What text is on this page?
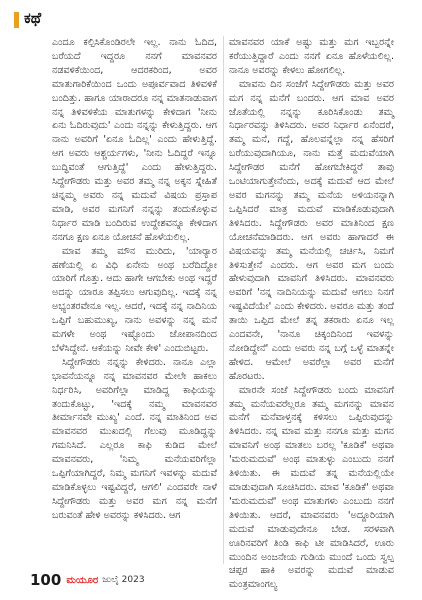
ಕಥೆ

ಎಂದೂ ಕಲ್ಪಿಸಿಕೊಂಡಿರಲೇ ಇಲ್ಲ. ನಾನು ಓದಿದ, ಬರೆಯದೆ ಇದ್ದರೂ ನನಗೆ ಮಾವನವರ ನಡವಳಿಕೆಯಿಂದ, ಆದರಕರಿಂದ, ಅವರ ಮಾತುಗಾರಿಕೆಯಿಂದ ಒಂದು ಅಪೂರ್ವವಾದ ತಿಳಿವಳಿಕೆ ಬಂದಿತ್ತು. ಹಾಗೂ ಯಾರಾದರೂ ನನ್ನ ಮಾತನಾಡುವಾಗ ನನ್ನ ತಿಳಿವಳಿಕೆಯ ಮಾತುಗಳನ್ನು ಕೇಳಿದಾಗ 'ನೀನು ಏನು ಓದಿರುವುದು' ಎಂದು ನನ್ನನ್ನು ಕೇಳುತ್ತಿದ್ದರು. ಆಗ ನಾನು ಅವರಿಗೆ 'ಏನೂ ಓದಿಲ್ಲ' ಎಂದು ಹೇಳುತ್ತಿದ್ದೆ. ಆಗ ಅವರು ಆಶ್ಚರ್ಯಗಳು, 'ನೀನು ಓದಿದ್ದರೆ ಇನ್ನೂ ಬುದ್ಧಿವಂತೆ ಆಗುತ್ತಿದ್ದೆ' ಎಂದು ಹೇಳುತ್ತಿದ್ದರು. ಸಿದ್ದೇಗೌಡರು ಮತ್ತು ಅವರ ತಮ್ಮ ನನ್ನ ಅಕ್ಕನ ಸ್ನೇಹಿತೆ ಚಿನ್ನಮ್ಮ ಅವರು ನನ್ನ ಮದುವೆ ವಿಷಯ ಪ್ರಸ್ತಾಪ ಮಾಡಿ, ಅವರ ಮಗನಿಗೆ ನನ್ನನ್ನು ತಂದುಕೊಳ್ಳುವ ನಿರ್ಧಾರ ಮಾಡಿ ಬಂದಿರುವ ಉದ್ದೇಶವನ್ನೂ ಕೇಳಿದಾಗ ನನಗೂ ಕ್ಷಣ ಏನೂ ಯೋಚನೆ ಹೊಳೆಯಲಿಲ್ಲ.

ಮಾವ ತಮ್ಮ ಮೌನ ಮುರಿದು, 'ಯಾರ್‍ಯಾರ ಹಣೆಯಲ್ಲಿ ಏ ವಿಧಿ ಏನೇನು ಅಂಥ ಬರೆದಿದ್ದೋ ಯಾರಿಗೆ ಗೊತ್ತು. ಆದು ಹಾಗೇ ಆಗಬೇಕು ಅಂಥ ಇದ್ದರೆ ಅದನ್ನು ಯಾರೂ ತಪ್ಪಿಸಲು ಆಗುವುದಿಲ್ಲ. ಇದಕ್ಕೆ ನನ್ನ ಅಭ್ಯಂತರವೇನೂ ಇಲ್ಲ. ಆದರೆ, ಇದಕ್ಕೆ ನನ್ನ ನಾದಿನಿಯ ಒಪ್ಪಿಗೆ ಬಹುಮುಖ್ಯ, ನಾನು ಅವಳನ್ನು ನನ್ನ ಮನೆ ಮಗಳೇ ಅಂಥ ಇಷ್ಟೊಂದು ಜೋಪಾನದಿಂದ ಬೆಳೆಸಿದ್ದೇನೆ. ಆಕೆಯನ್ನು ನೀವೇ ಕೇಳಿ' ಎಂದುಬಿಟ್ಟರು.

ಸಿದ್ದೇಗೌಡರು ನನ್ನನ್ನು ಕೇಳಿದರು. ನಾನೂ ಎಲ್ಲಾ ಭಾವನೆಯನ್ನೂ ನನ್ನ ಮಾವನವರ ಮೇಲೇ ಹಾಕಲು ನಿರ್ಧರಿಸಿ, ಅವರಿಗೆಲ್ಲಾ ಮಾಡಿದ್ದ ಕಾಫಿಯನ್ನು ತಂದುಕೊಟ್ಟು, 'ಇದಕ್ಕೆ ನಮ್ಮ ಮಾವನವರ ತೀರ್ಮಾನವೇ ಮುಖ್ಯ' ಎಂದೆ. ನನ್ನ ಮಾತಿನಿಂದ ಅವ ಮಾವನವರ ಮುಖದಲ್ಲಿ ಗೆಲುವು ಮೂಡಿದ್ದನ್ನು ಗಮನಿಸಿದೆ. ಎಲ್ಲರೂ ಕಾಫಿ ಕುಡಿದ ಮೇಲೆ ಮಾವನವರು, 'ನಿಮ್ಮ ಮನೆಯವರಿಗೆಲ್ಲಾ ಒಪ್ಪಿಗೆಯಾಗಿದ್ದರೆ, ನಿಮ್ಮ ಮಗನಿಗೆ ಇವಳನ್ನು ಮದುವೆ ಮಾಡಿಕೊಳ್ಳಲು ಇಷ್ಟವಿದ್ದರೆ, ಆಗಲಿ' ಎಂದವರೇ ನಾಳೆ ಸಿದ್ದೇಗೌಡರು ಮತ್ತು ಅವರ ಮಗ ನನ್ನ ಮನೆಗೆ ಬರುವಂತೆ ಹೇಳಿ ಅವರನ್ನು ಕಳಿಸಿದರು. ಆಗ

ಮಾವನವರ ಯಾಕೆ ಅಷ್ಟು ಮತ್ತು ಮಗ ಇಬ್ಬರನ್ನೇ ಕರೆಯುತ್ತಿದ್ದಾರೆ ಎಂದು ನನಗೆ ಏನೂ ಹೊಳೆಯಲಿಲ್ಲ. ನಾನೂ ಅವರನ್ನು ಕೇಳಲು ಹೋಗಲಿಲ್ಲ.

ಮಾವನು ದಿನ ಸಂಜೆಗೆ ಸಿದ್ದೇಗೌಡರು ಮತ್ತು ಅವರ ಮಗ ನನ್ನ ಮನೆಗೆ ಬಂದರು. ಆಗ ಮಾವ ಅವರ ಜೊತೆಯಲ್ಲಿ ನನ್ನನ್ನು ಕೂರಿಸಿಕೊಂಡು ತಮ್ಮ ನಿರ್ಧಾರವನ್ನು ತಿಳಿಸಿದರು. ಅವರ ನಿರ್ಧಾರ ಏನೆಂದರೆ, ತಮ್ಮ ಮನೆ, ಗದ್ದೆ, ಹೊಲವನ್ನೆಲ್ಲಾ ನನ್ನ ಹೆಸರಿಗೆ ಬರೆಯುವುದಾಗಿಯೂ, ನಾನು ಮತ್ತೆ ಮದುವೆಯಾಗಿ ಸಿದ್ದೇಗೌಡರ ಮನೆಗೆ ಹೋಗಬೇಕಿದ್ದರೆ ತಾವು ಒಂಟಿಯಾಗುತ್ತೇನೆಂದು, ಅದಕ್ಕೆ ಮದುವೆ ಆದ ಮೇಲೆ ಅವರ ಮಗನನ್ನು ತಮ್ಮ ಮನೆಯ ಅಳಿಯನನ್ನಾಗಿ ಒಪ್ಪಿಸಿದರೆ ಮಾತ್ರ ಮದುವೆ ಮಾಡಿಕೊಡುವುದಾಗಿ ತಿಳಿಸಿದರು. ಸಿದ್ದೇಗೌಡರು ಅವರ ಮಾತಿನಿಂದ ಕ್ಷಣ ಯೋಚನೆಮಾಡಿದರು. ಆಗ ಅವರು ಹಾಗಾದರೆ ಈ ವಿಷಯವನ್ನು ತಮ್ಮ ಮನೆಯಲ್ಲಿ ಚರ್ಚಿಸಿ, ನಿಮಗೆ ತಿಳಿಸುತ್ತೇನೆ ಎಂದರು. ಆಗ ಅವರ ಮಗ ಬಂದು ಹೇಳುವುದಾಗಿ ಮಾವನಿಗೆ ತಿಳಿಸಿದರು. ಮಾವನವರು ಅವರಿಗೆ 'ನನ್ನ ನಾದಿನಿಯನ್ನು ಮದುವೆ ಆಗಲು ನಿನಗೆ ಇಷ್ಟವಿದೆಯೇ' ಎಂದು ಕೇಳಿದರು. ಅವರೂ ಮತ್ತು ತಂದೆ ತಾಯಿ ಒಪ್ಪಿದ ಮೇಲೆ ತನ್ನ ತಕರಾರು ಏನೂ ಇಲ್ಲ ಎಂದವನೇ, 'ನಾನೂ ಚಿಕ್ಕಂದಿನಿಂದ ಇವಳನ್ನು ನೋಡಿದ್ದೇನೆ' ಎಂದು ಅವರು ನನ್ನ ಬಗ್ಗೆ ಒಳ್ಳೆ ಮಾತನ್ನೇ ಹೇಳಿದ. ಆಮೇಲೆ ಅವರೆಲ್ಲಾ ಅವರ ಮನೆಗೆ ಹೊರಟರು.

ಮಾರನೇ ಸಂಜೆ ಸಿದ್ದೇಗೌಡರು ಬಂದು ಮಾವನಿಗೆ ತಮ್ಮ ಮನೆಯವರೆಲ್ಲರೂ ತಮ್ಮ ಮಗನನ್ನು ಮಾವನ ಮನೆಗೆ ಮನೆವಾಳ್ತನಕ್ಕೆ ಕಳಿಸಲು ಒಪ್ಪಿರುವುದನ್ನು ತಿಳಿಸಿದರು. ನನ್ನ ಮಾವ ಮತ್ತು ನನಗೂ ಮತ್ತು ಮಗನ ಮಾವನಿಗೆ ಅಂಥ ಮಾತಲು ಬರಲ್ಲ 'ಕೂಡಿಕೆ' ಅಥವಾ 'ಮರುಮದುವೆ' ಅಂಥ ಮಾತುಳ್ಳು ಎಂಬುದು ನನಗೆ ತಿಳಿಯಿತು. ಈ ಮದುವೆ ತನ್ನ ಮನೆಯಲ್ಲಿಯೇ ಮಾಡುವುದಾಗಿ ಸೂಚಿಸಿದರು. ಮಾವ 'ಕೂಡಿಕೆ' ಅಥವಾ 'ಮರುಮದುವೆ' ಅಂಥ ಮಾತುಗಳು ಎಂಬುದು ನನಗೆ ತಿಳಿಯಿತು. ಆದರೆ, ಮಾವನವರು 'ಅದ್ದೂರಿಯಾಗಿ ಮದುವೆ ಮಾಡುವುದೇನೂ ಬೇಡ. ಸರಳವಾಗಿ ಊರಿನವರಿಗೆ ತಿಂಡಿ ಕಾಫಿ ಟೀ ಮಾಡಿಸಿದರೆ, ಊರು ಮುಂದಿನ ಅಂಜನೇಯ ಗುಡಿಯ ಮುಂದೆ ಒಂದು ಸ್ವಲ್ಪ ಚಪ್ಪರ ಹಾಕಿ ಅವರನ್ನು ಮದುವೆ ಮಾಡುವ ಮಂತ್ರಮಾಂಗಲ್ಯ

100 ಮಯೂರ ಜುಲೈ 2023
